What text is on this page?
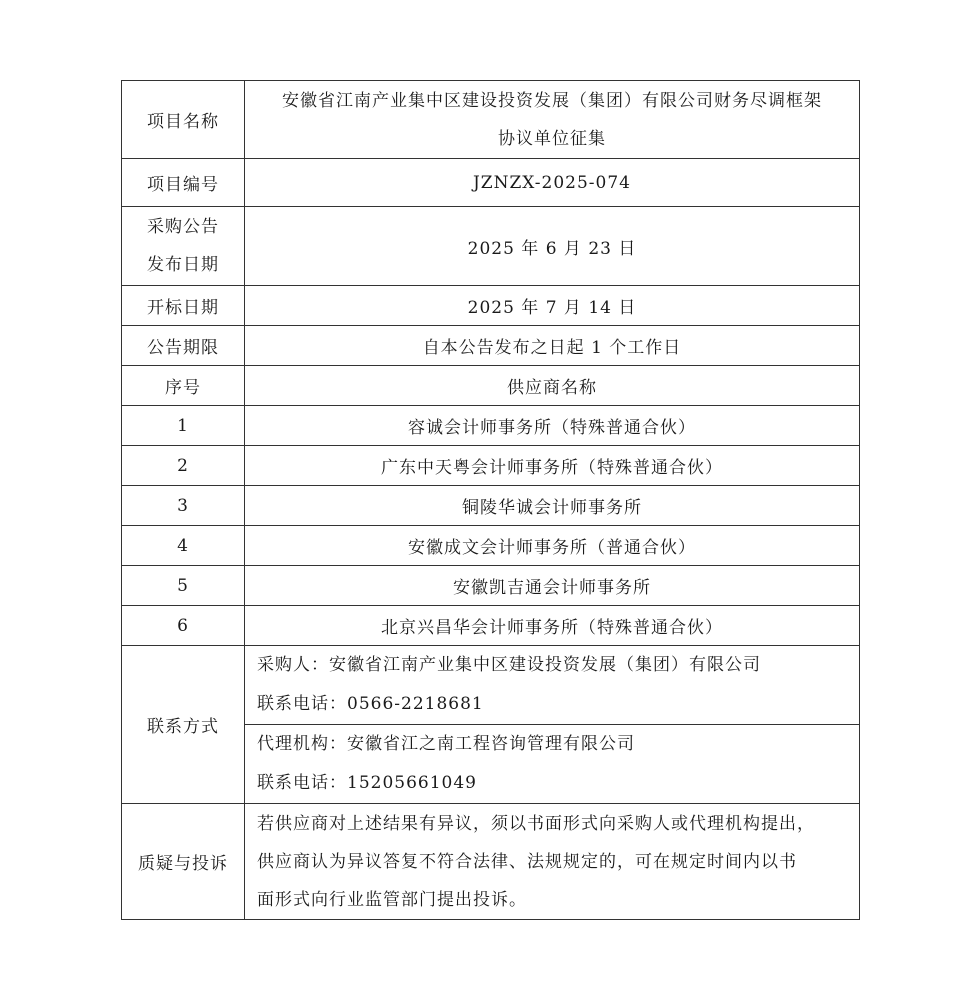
项目名称	安徽省江南产业集中区建设投资发展（集团）有限公司财务尽调框架
协议单位征集

项目编号	JZNZX-2025-074

采购公告
发布日期	2025 年 6 月 23 日
开标日期	2025 年 7 月 14 日
公告期限	自本公告发布之日起 1 个工作日
序号	供应商名称
1	容诚会计师事务所（特殊普通合伙）
2	广东中天粤会计师事务所（特殊普通合伙）
3	铜陵华诚会计师事务所
4	安徽成文会计师事务所（普通合伙）
5	安徽凯吉通会计师事务所
6	北京兴昌华会计师事务所（特殊普通合伙）
联系方式	采购人：安徽省江南产业集中区建设投资发展（集团）有限公司
联系电话：0566-2218681

	代理机构：安徽省江之南工程咨询管理有限公司
联系电话：15205661049

质疑与投诉	若供应商对上述结果有异议，须以书面形式向采购人或代理机构提出，
供应商认为异议答复不符合法律、法规规定的，可在规定时间内以书
面形式向行业监管部门提出投诉。
